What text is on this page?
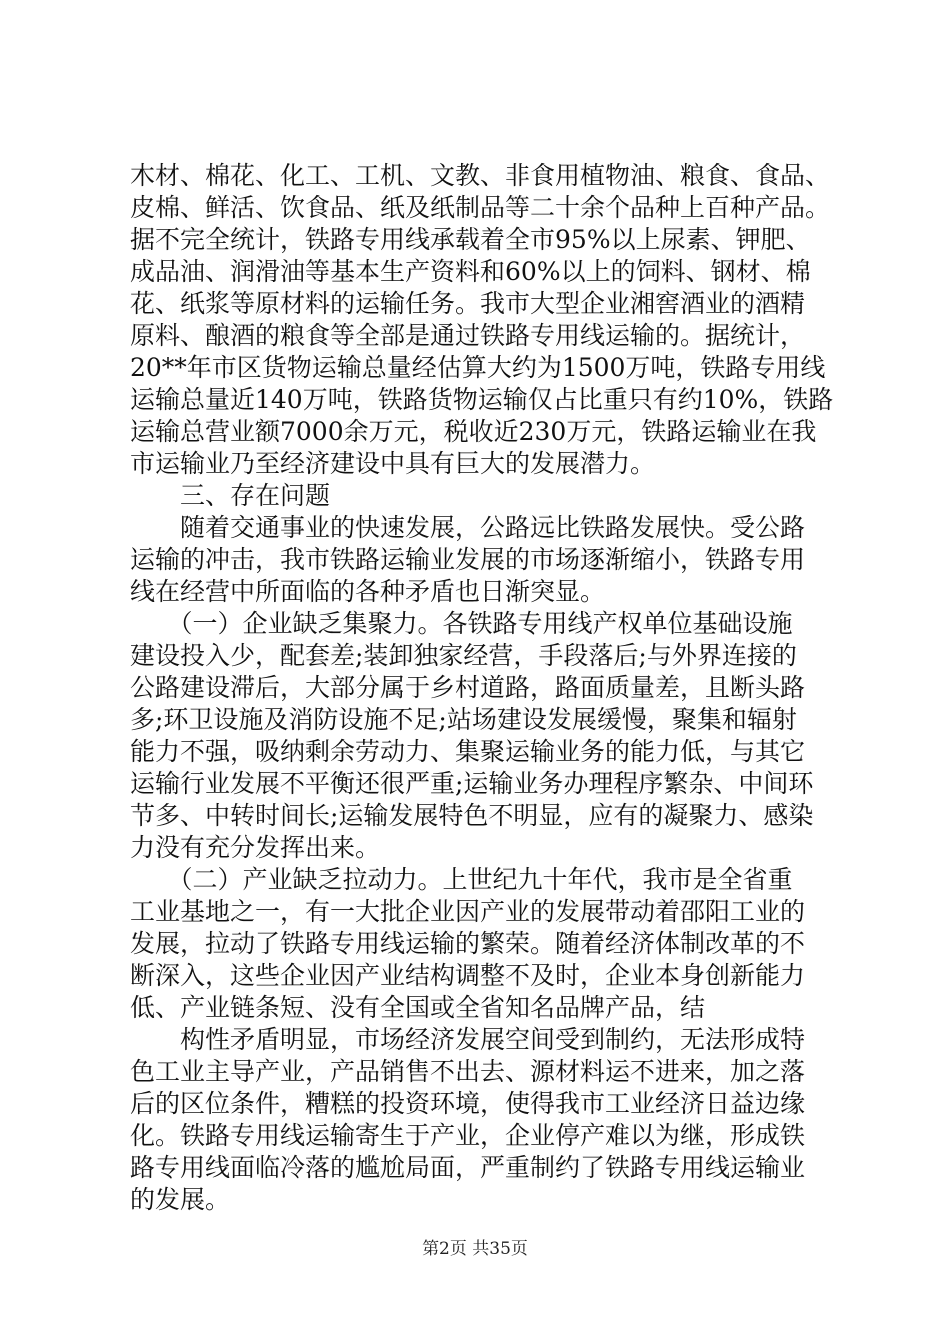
木材、棉花、化工、工机、文教、非食用植物油、粮食、食品、
皮棉、鲜活、饮食品、纸及纸制品等二十余个品种上百种产品。
据不完全统计，铁路专用线承载着全市95%以上尿素、钾肥、
成品油、润滑油等基本生产资料和60%以上的饲料、钢材、棉
花、纸浆等原材料的运输任务。我市大型企业湘窖酒业的酒精
原料、酿酒的粮食等全部是通过铁路专用线运输的。据统计，
20**年市区货物运输总量经估算大约为1500万吨，铁路专用线
运输总量近140万吨，铁路货物运输仅占比重只有约10%，铁路
运输总营业额7000余万元，税收近230万元，铁路运输业在我
市运输业乃至经济建设中具有巨大的发展潜力。
　　三、存在问题
　　随着交通事业的快速发展，公路远比铁路发展快。受公路
运输的冲击，我市铁路运输业发展的市场逐渐缩小，铁路专用
线在经营中所面临的各种矛盾也日渐突显。
　　（一）企业缺乏集聚力。各铁路专用线产权单位基础设施
建设投入少，配套差;装卸独家经营，手段落后;与外界连接的
公路建设滞后，大部分属于乡村道路，路面质量差，且断头路
多;环卫设施及消防设施不足;站场建设发展缓慢，聚集和辐射
能力不强，吸纳剩余劳动力、集聚运输业务的能力低，与其它
运输行业发展不平衡还很严重;运输业务办理程序繁杂、中间环
节多、中转时间长;运输发展特色不明显，应有的凝聚力、感染
力没有充分发挥出来。
　　（二）产业缺乏拉动力。上世纪九十年代，我市是全省重
工业基地之一，有一大批企业因产业的发展带动着邵阳工业的
发展，拉动了铁路专用线运输的繁荣。随着经济体制改革的不
断深入，这些企业因产业结构调整不及时，企业本身创新能力
低、产业链条短、没有全国或全省知名品牌产品，结
　　构性矛盾明显，市场经济发展空间受到制约，无法形成特
色工业主导产业，产品销售不出去、源材料运不进来，加之落
后的区位条件，糟糕的投资环境，使得我市工业经济日益边缘
化。铁路专用线运输寄生于产业，企业停产难以为继，形成铁
路专用线面临冷落的尴尬局面，严重制约了铁路专用线运输业
的发展。
第2页 共35页
